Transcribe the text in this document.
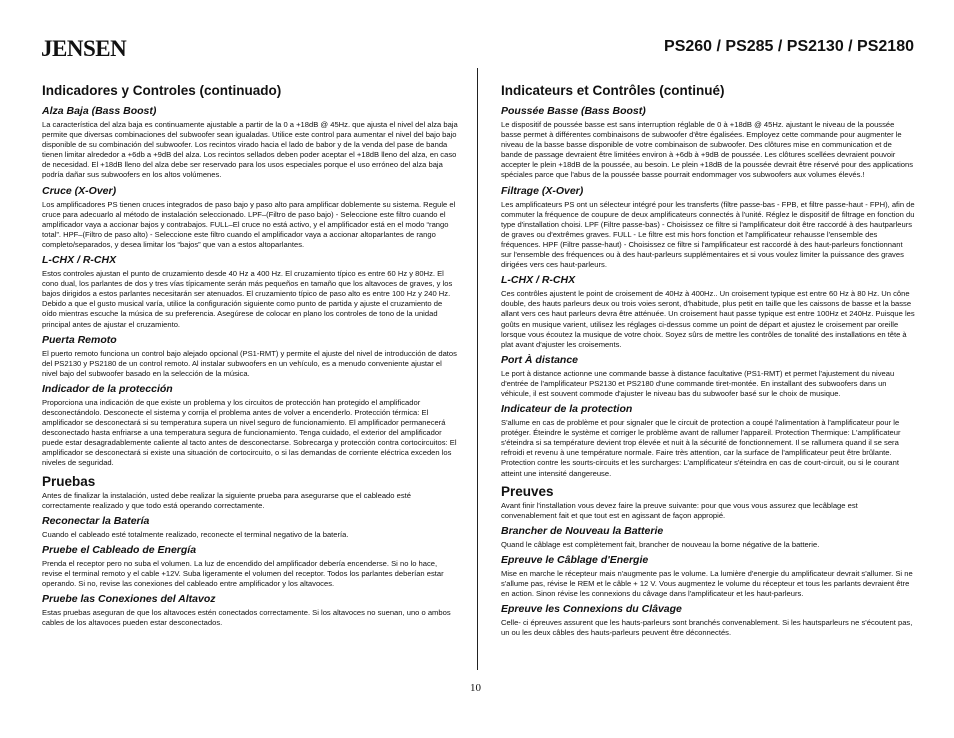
JENSEN	PS260 / PS285 / PS2130 / PS2180
Indicadores y Controles (continuado)
Alza Baja (Bass Boost)
La característica del alza baja es continuamente ajustable a partir de la 0 a +18dB @ 45Hz. que ajusta el nivel del alza baja permite que diversas combinaciones del subwoofer sean igualadas. Utilice este control para aumentar el nivel del bajo bajo disponible de su combinación del subwoofer. Los recintos virado hacia el lado de babor y de la venda del pase de banda tienen limitar alrededor a +6db a +9dB del alza. Los recintos sellados deben poder aceptar el +18dB lleno del alza, en caso de necesidad. El +18dB lleno del alza debe ser reservado para los usos especiales porque el uso erróneo del alza baja podría dañar sus subwoofers en los altos volúmenes.
Cruce (X-Over)
Los amplificadores PS tienen cruces integrados de paso bajo y paso alto para amplificar doblemente su sistema. Regule el cruce para adecuarlo al método de instalación seleccionado. LPF–(Filtro de paso bajo) - Seleccione este filtro cuando el amplificador vaya a accionar bajos y contrabajos. FULL–El cruce no está activo, y el amplificador está en el modo “rango total”. HPF–(Filtro de paso alto) - Seleccione este filtro cuando el amplificador vaya a accionar altoparlantes de rango completo/separados, y desea limitar los “bajos” que van a estos altoparlantes.
L-CHX / R-CHX
Estos controles ajustan el punto de cruzamiento desde 40 Hz a 400 Hz. El cruzamiento típico es entre 60 Hz y 80Hz. El cono dual, los parlantes de dos y tres vías típicamente serán más pequeños en tamaño que los altavoces de graves, y los bajos dirigidos a estos parlantes necesitarán ser atenuados. El cruzamiento típico de paso alto es entre 100 Hz y 240 Hz. Debido a que el gusto musical varía, utilice la configuración siguiente como punto de partida y ajuste el cruzamiento de oído mientras escuche la música de su preferencia. Asegúrese de colocar en plano los controles de tono de la unidad principal antes de ajustar el cruzamiento.
Puerta Remoto
El puerto remoto funciona un control bajo alejado opcional (PS1-RMT) y permite el ajuste del nivel de introducción de datos del PS2130 y PS2180 de un control remoto. Al instalar subwoofers en un vehículo, es a menudo conveniente ajustar el nivel bajo del subwoofer basado en la selección de la música.
Indicador de la protección
Proporciona una indicación de que existe un problema y los circuitos de protección han protegido el amplificador desconectándolo. Desconecte el sistema y corrija el problema antes de volver a encenderlo. Protección térmica: El amplificador se desconectará si su temperatura supera un nivel seguro de funcionamiento. El amplificador permanecerá desconectado hasta enfriarse a una temperatura segura de funcionamiento. Tenga cuidado, el exterior del amplificador puede estar desagradablemente caliente al tacto antes de desconectarse. Sobrecarga y protección contra cortocircuitos: El amplificador se desconectará si existe una situación de cortocircuito, o si las demandas de corriente eléctrica exceden los niveles de seguridad.
Pruebas
Antes de finalizar la instalación, usted debe realizar la siguiente prueba para asegurarse que el cableado esté correctamente realizado y que todo está operando correctamente.
Reconectar la Batería
Cuando el cableado esté totalmente realizado, reconecte el terminal negativo de la batería.
Pruebe el Cableado de Energía
Prenda el receptor pero no suba el volumen. La luz de encendido del amplificador debería encenderse. Si no lo hace, revise el terminal remoto y el cable +12V. Suba ligeramente el volumen del receptor. Todos los parlantes deberían estar operando. Si no, revise las conexiones del cableado entre amplificador y los altavoces.
Pruebe las Conexiones del Altavoz
Estas pruebas aseguran de que los altavoces estén conectados correctamente. Si los altavoces no suenan, uno o ambos cables de los altavoces pueden estar desconectados.
Indicateurs et Contrôles (continué)
Poussée Basse (Bass Boost)
Le dispositif de poussée basse est sans interruption réglable de 0 à +18dB @ 45Hz. ajustant le niveau de la poussée basse permet à différentes combinaisons de subwoofer d'être égalisées. Employez cette commande pour augmenter le niveau de la basse basse disponible de votre combinaison de subwoofer. Des clôtures mise en communication et de bande de passage devraient être limitées environ à +6db à +9dB de poussée. Les clôtures scellées devraient pouvoir accepter le plein +18dB de la poussée, au besoin. Le plein +18dB de la poussée devrait être réservé pour des applications spéciales parce que l'abus de la poussée basse pourrait endommager vos subwoofers aux volumes élevés.!
Filtrage (X-Over)
Les amplificateurs PS ont un sélecteur intégré pour les transferts (filtre passe-bas - FPB, et filtre passe-haut - FPH), afin de commuter la fréquence de coupure de deux amplificateurs connectés à l'unité. Réglez le dispositif de filtrage en fonction du type d'installation choisi. LPF (Filtre passe-bas) - Choisissez ce filtre si l'amplificateur doit être raccordé à des hautparleurs de graves ou d'extrêmes graves. FULL - Le filtre est mis hors fonction et l'amplificateur rehausse l'ensemble des fréquences. HPF (Filtre passe-haut) - Choisissez ce filtre si l'amplificateur est raccordé à des haut-parleurs fonctionnant sur l'ensemble des fréquences ou à des haut-parleurs supplémentaires et si vous voulez limiter la puissance des graves dirigées vers ces haut-parleurs.
L-CHX / R-CHX
Ces contrôles ajustent le point de croisement de 40Hz à 400Hz.. Un croisement typique est entre 60 Hz à 80 Hz. Un cône double, des hauts parleurs deux ou trois voies seront, d'habitude, plus petit en taille que les caissons de basse et la basse allant vers ces haut parleurs devra être atténuée. Un croisement haut passe typique est entre 100Hz et 240Hz. Puisque les goûts en musique varient, utilisez les réglages ci-dessus comme un point de départ et ajustez le croisement par oreille lorsque vous écoutez la musique de votre choix. Soyez sûrs de mettre les contrôles de tonalité des installations en tête à plat avant d'ajuster les croisements.
Port À distance
Le port à distance actionne une commande basse à distance facultative (PS1-RMT) et permet l'ajustement du niveau d'entrée de l'amplificateur PS2130 et PS2180 d'une commande tiret-montée. En installant des subwoofers dans un véhicule, il est souvent commode d'ajuster le niveau bas du subwoofer basé sur le choix de musique.
Indicateur de la protection
S'allume en cas de problème et pour signaler que le circuit de protection a coupé l'alimentation à l'amplificateur pour le protéger. Éteindre le système et corriger le problème avant de rallumer l'appareil. Protection Thermique: L'amplificateur s'éteindra si sa température devient trop élevée et nuit à la sécurité de fonctionnement. Il se rallumera quand il se sera refroidi et revenu à une température normale. Faire très attention, car la surface de l'amplificateur peut être brûlante. Protection contre les sourts-circuits et les surcharges: L'amplificateur s'éteindra en cas de court-circuit, ou si le courant atteint une intensité dangereuse.
Preuves
Avant finir l'installation vous devez faire la preuve suivante: pour que vous vous assurez que lecâblage est convenablement fait et que tout est en agissant de façon appropié.
Brancher de Nouveau la Batterie
Quand le câblage est complètement fait, brancher de nouveau la borne négative de la batterie.
Epreuve le Câblage d'Energie
Mise en marche le récepteur mais n'augmente pas le volume. La lumière d'energie du amplificateur devrait s'allumer. Si ne s'allume pas, révise le REM et le câble + 12 V. Vous augmentez le volume du récepteur et tous les parlants devraient être en action. Sinon révise les connexions du câvage dans l'amplificateur et les haut-parleurs.
Epreuve les Connexions du Clâvage
Celle- ci épreuves assurent que les hauts-parleurs sont branchés convenablement. Si les hautsparleurs ne s'écoutent pas, un ou les deux câbles des hauts-parleurs peuvent être déconnectés.
10
